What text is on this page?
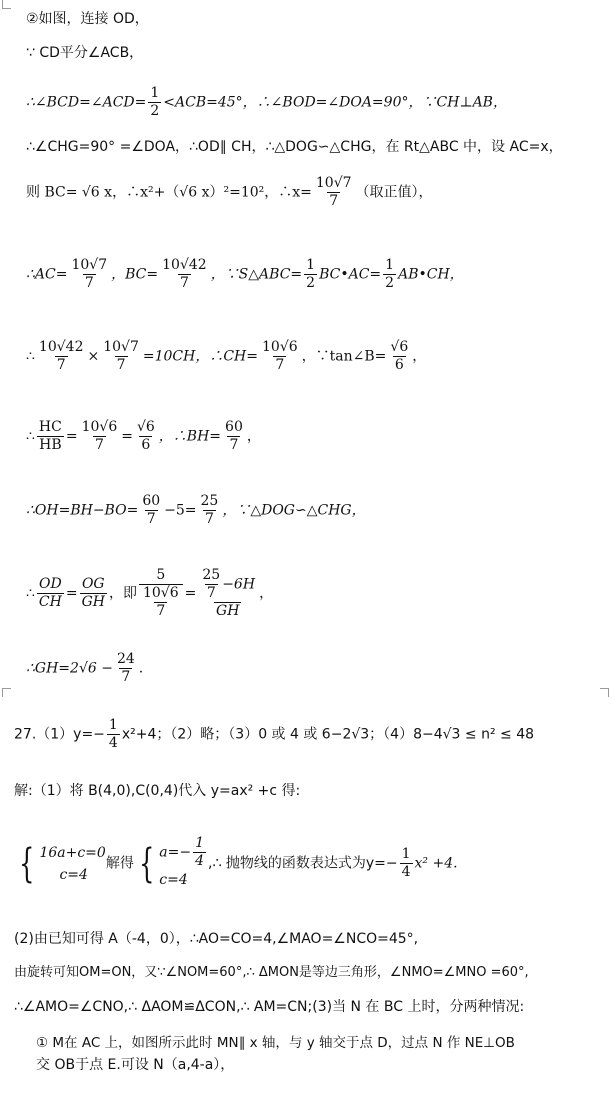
②如图，连接 OD，
∵ CD平分∠ACB，
∴∠BCD=∠ACD= $\frac{1}{2} <ACB=45^\circ$，∴∠BOD=∠DOA=90°，∵CH⊥AB，
∴∠CHG=90° =∠DOA，∴OD∥ CH，∴△DOG∽△CHG，在 Rt△ABC 中，设 AC=x，
则 BC= √6 x，∴x²+（√6 x）²=10²，∴x= $\frac{10√7}{7}$ （取正值），
∴AC= $\frac{10√7}{7}$ ，$BC= \frac{10√42}{7}$ ，∵S△ABC= $\frac{1}{2}$ BC•AC= $\frac{1}{2}$ AB•CH，
∴ $\frac{10√42}{7} \times \frac{10√7}{7} =10CH$，∴CH= $\frac{10√6}{7}$ ，∵tan∠B= $\frac{√6}{6}$ ，
∴ $\frac{HC}{HB} = \frac{10√6}{7} = \frac{√6}{6}$ ，∴BH= $\frac{60}{7}$ ，
∴OH=BH−BO= $\frac{60}{7} -5= \frac{25}{7}$ ，∵△DOG∽△CHG，
∴ $\frac{OD}{CH} = \frac{OG}{GH}$ ，即 $\frac{5}{\frac{10√6}{7}} = \frac{\frac{25}{7} -6H}{GH}$ ，
∴GH=2√6 − $\frac{24}{7}$ .
$27.(1)y=- \frac{1}{4} x^2+4$；（2）略；（3）0 或 4 或 6−2√3；（4）8−4√3 ≤ n² ≤ 48
解:（1）将 B(4,0),C(0,4)代入 y=ax² +c 得:
{ 16a+c=0
c=4
解得 { $a=- \frac{1}{4}$
c=4
,∴ 抛物线的函数表达式为$y=- \frac{1}{4} x^2 +4$.
(2)由已知可得 A（-4，0），∴AO=CO=4,∠MAO=∠NCO=45°,
由旋转可知OM=ON，又∵∠NOM=60°,∴ ΔMON是等边三角形，∠NMO=∠MNO =60°,
∴∠AMO=∠CNO,∴ ΔAOM≌ΔCON,∴ AM=CN;(3)当 N 在 BC 上时，分两种情况:
① M在 AC 上，如图所示此时 MN∥ x 轴，与 y 轴交于点 D，过点 N 作 NE⊥OB
交 OB于点 E.可设 N（a,4-a），
